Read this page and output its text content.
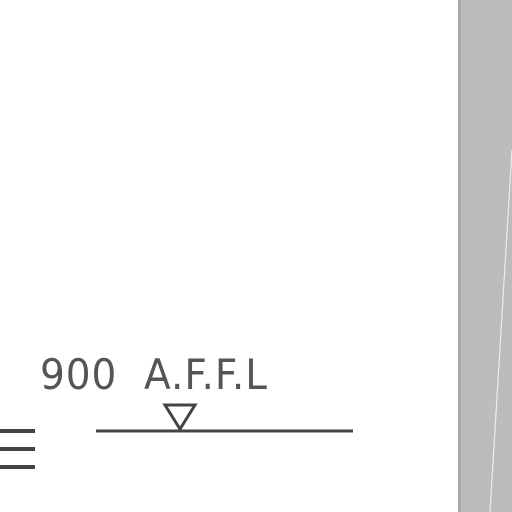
900  A.F.F.L
